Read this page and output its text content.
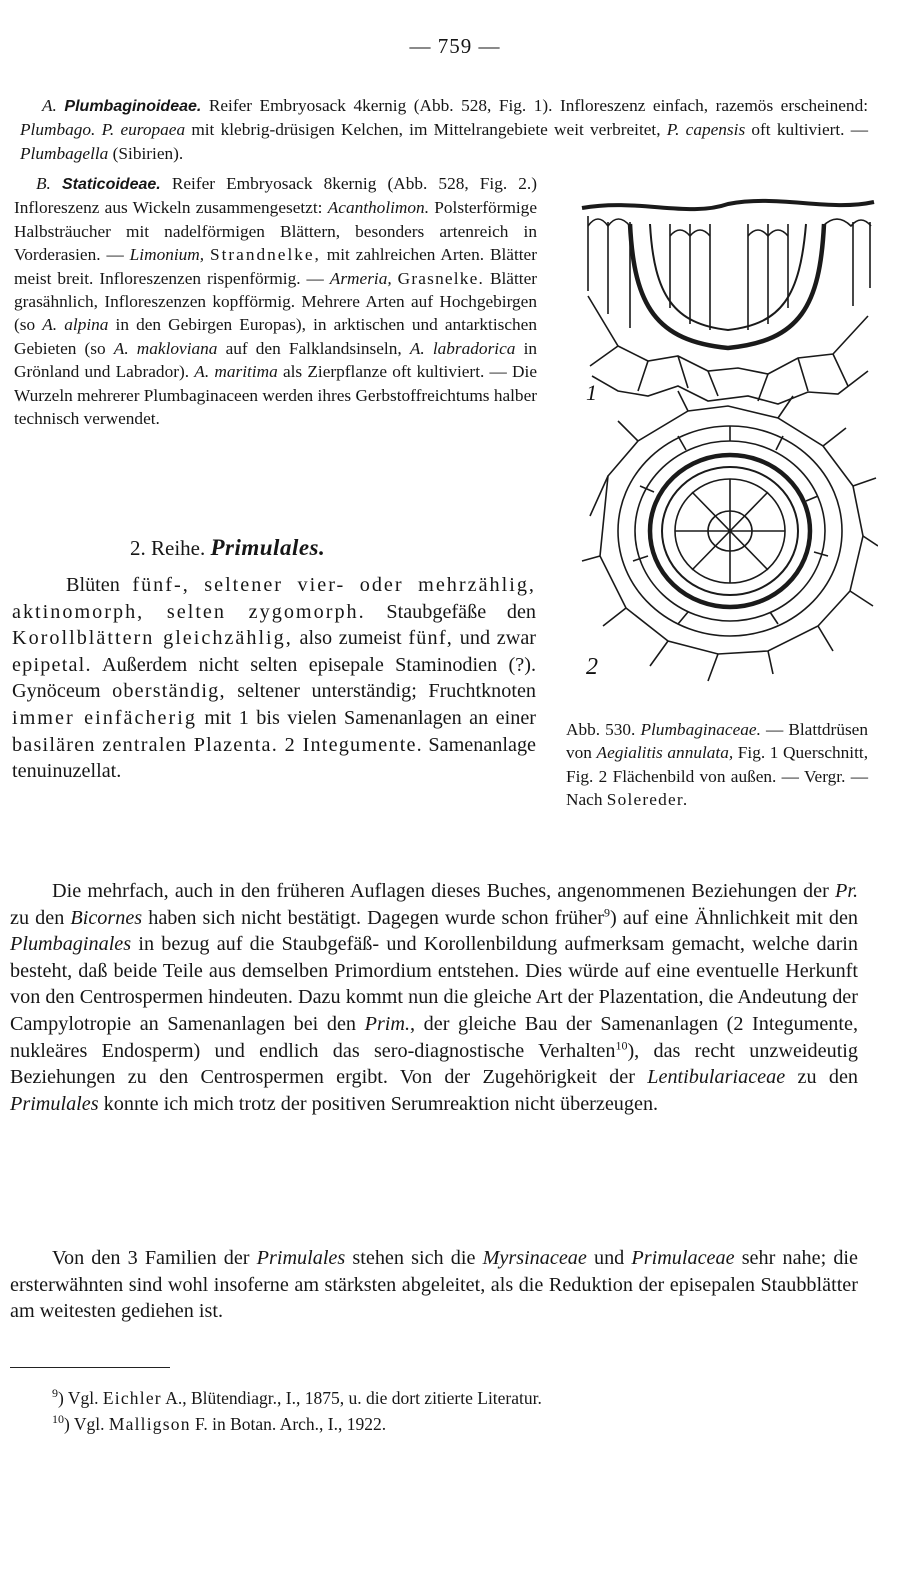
— 759 —

A. Plumbaginoideae. Reifer Embryosack 4kernig (Abb. 528, Fig. 1). Infloreszenz einfach, razemös erscheinend: Plumbago. P. europaea mit klebrig-drüsigen Kelchen, im Mittelrangebiete weit verbreitet, P. capensis oft kultiviert. — Plumbagella (Sibirien).

B. Staticoideae. Reifer Embryosack 8kernig (Abb. 528, Fig. 2.) Infloreszenz aus Wickeln zusammengesetzt: Acantholimon. Polsterförmige Halbsträucher mit nadelförmigen Blättern, besonders artenreich in Vorderasien. — Limonium, Strandnelke, mit zahlreichen Arten. Blätter meist breit. Infloreszenzen rispenförmig. — Armeria, Grasnelke. Blätter grasähnlich, Infloreszenzen kopfförmig. Mehrere Arten auf Hochgebirgen (so A. alpina in den Gebirgen Europas), in arktischen und antarktischen Gebieten (so A. makloviana auf den Falklandsinseln, A. labradorica in Grönland und Labrador). A. maritima als Zierpflanze oft kultiviert. — Die Wurzeln mehrerer Plumbaginaceen werden ihres Gerbstoffreichtums halber technisch verwendet.

2. Reihe. Primulales.

Blüten fünf-, seltener vier- oder mehrzählig, aktinomorph, selten zygomorph. Staubgefäße den Korollblättern gleichzählig, also zumeist fünf, und zwar epipetal. Außerdem nicht selten episepale Staminodien (?). Gynöceum oberständig, seltener unterständig; Fruchtknoten immer einfächerig mit 1 bis vielen Samenanlagen an einer basilären zentralen Plazenta. 2 Integumente. Samenanlage tenuinuzellat.

1
2

Abb. 530. Plumbaginaceae. — Blattdrüsen von Aegialitis annulata, Fig. 1 Querschnitt, Fig. 2 Flächenbild von außen. — Vergr. — Nach Solereder.

Die mehrfach, auch in den früheren Auflagen dieses Buches, angenommenen Beziehungen der Pr. zu den Bicornes haben sich nicht bestätigt. Dagegen wurde schon früher$^9$) auf eine Ähnlichkeit mit den Plumbaginales in bezug auf die Staubgefäß- und Korollenbildung aufmerksam gemacht, welche darin besteht, daß beide Teile aus demselben Primordium entstehen. Dies würde auf eine eventuelle Herkunft von den Centrospermen hindeuten. Dazu kommt nun die gleiche Art der Plazentation, die Andeutung der Campylotropie an Samenanlagen bei den Prim., der gleiche Bau der Samenanlagen (2 Integumente, nukleäres Endosperm) und endlich das sero-diagnostische Verhalten$^{10}$), das recht unzweideutig Beziehungen zu den Centrospermen ergibt. Von der Zugehörigkeit der Lentibulariaceae zu den Primulales konnte ich mich trotz der positiven Serumreaktion nicht überzeugen.

Von den 3 Familien der Primulales stehen sich die Myrsinaceae und Primulaceae sehr nahe; die ersterwähnten sind wohl insoferne am stärksten abgeleitet, als die Reduktion der episepalen Staubblätter am weitesten gediehen ist.

$^9$) Vgl. Eichler A., Blütendiagr., I., 1875, u. die dort zitierte Literatur.
$^{10}$) Vgl. Malligson F. in Botan. Arch., I., 1922.
